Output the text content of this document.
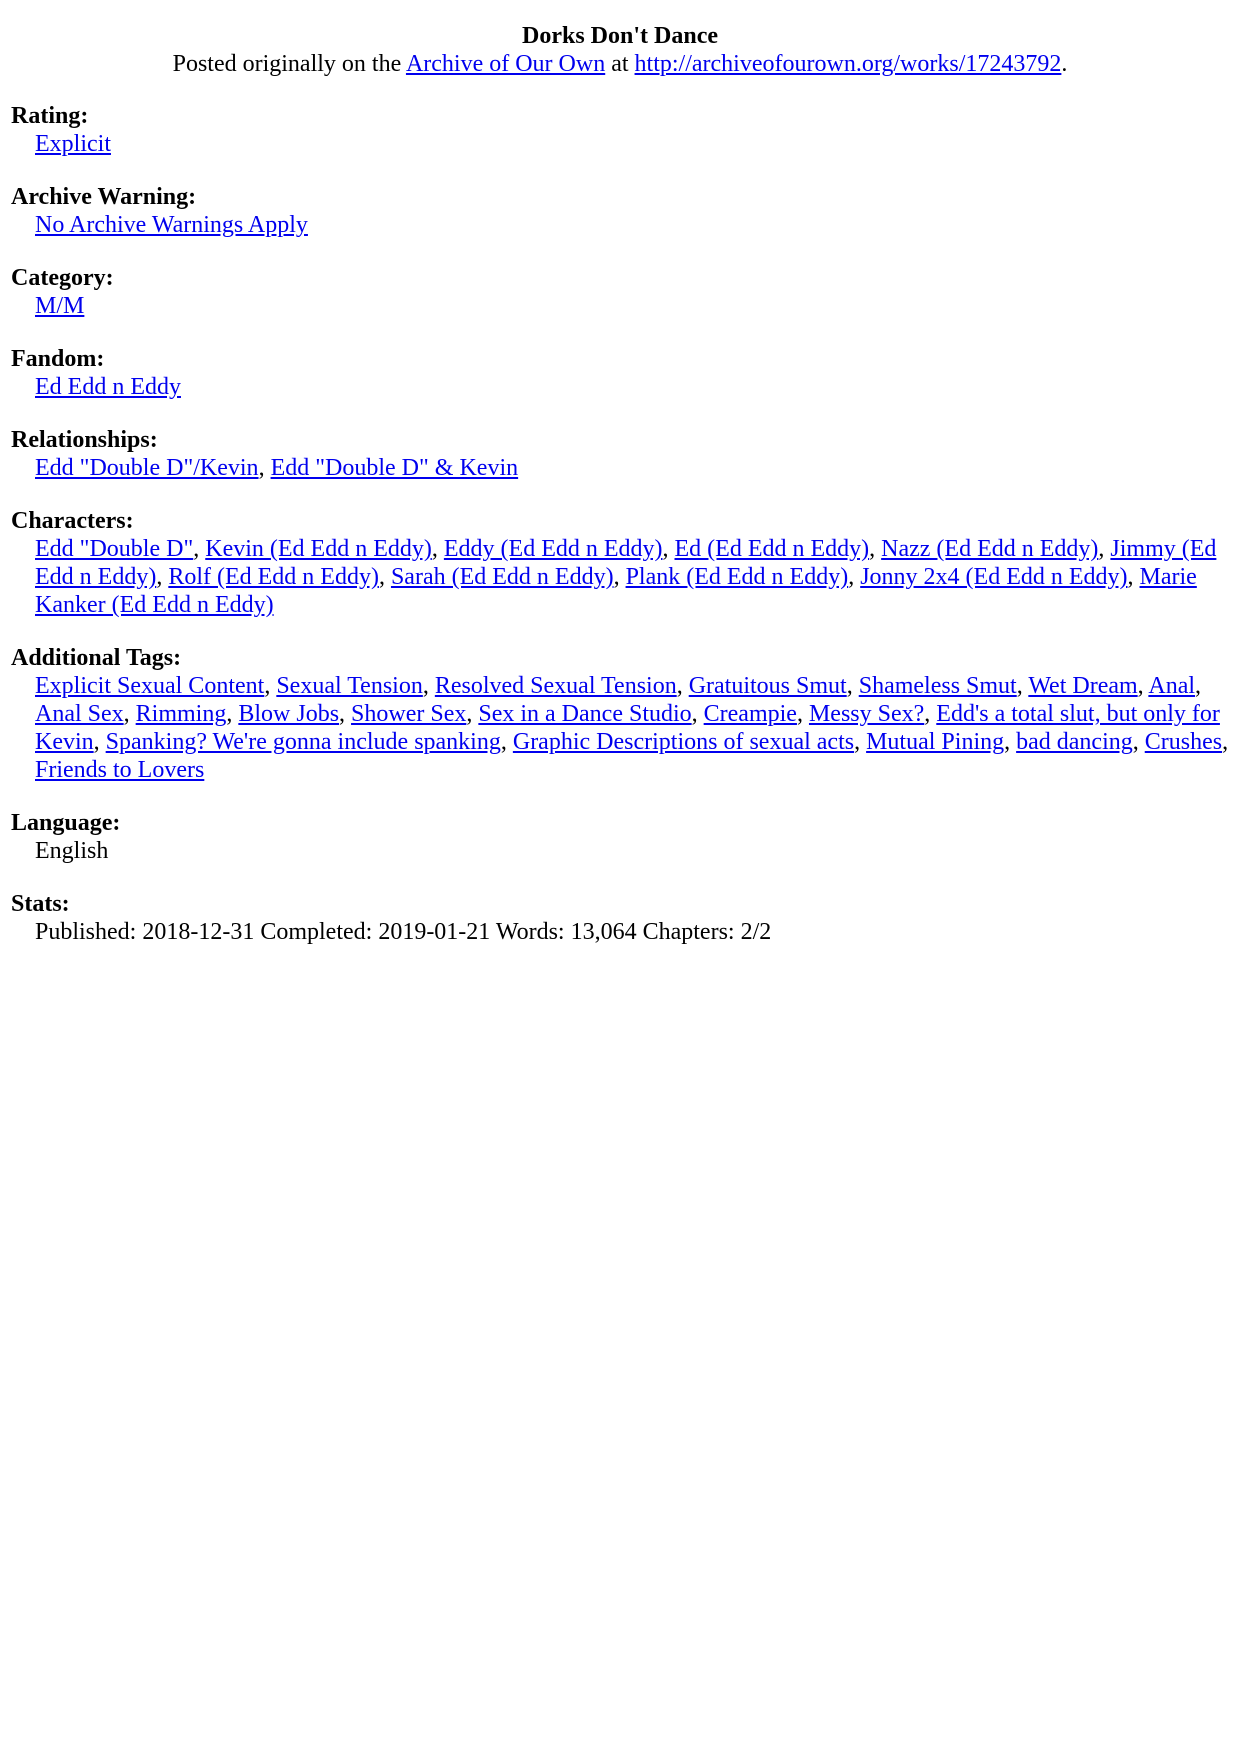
Dorks Don't Dance
Posted originally on the Archive of Our Own at http://archiveofourown.org/works/17243792.
Rating:
Explicit
Archive Warning:
No Archive Warnings Apply
Category:
M/M
Fandom:
Ed Edd n Eddy
Relationships:
Edd "Double D"/Kevin, Edd "Double D" & Kevin
Characters:
Edd "Double D", Kevin (Ed Edd n Eddy), Eddy (Ed Edd n Eddy), Ed (Ed Edd n Eddy), Nazz (Ed Edd n Eddy), Jimmy (Ed Edd n Eddy), Rolf (Ed Edd n Eddy), Sarah (Ed Edd n Eddy), Plank (Ed Edd n Eddy), Jonny 2x4 (Ed Edd n Eddy), Marie Kanker (Ed Edd n Eddy)
Additional Tags:
Explicit Sexual Content, Sexual Tension, Resolved Sexual Tension, Gratuitous Smut, Shameless Smut, Wet Dream, Anal, Anal Sex, Rimming, Blow Jobs, Shower Sex, Sex in a Dance Studio, Creampie, Messy Sex?, Edd's a total slut, but only for Kevin, Spanking? We're gonna include spanking, Graphic Descriptions of sexual acts, Mutual Pining, bad dancing, Crushes, Friends to Lovers
Language:
English
Stats:
Published: 2018-12-31 Completed: 2019-01-21 Words: 13,064 Chapters: 2/2
